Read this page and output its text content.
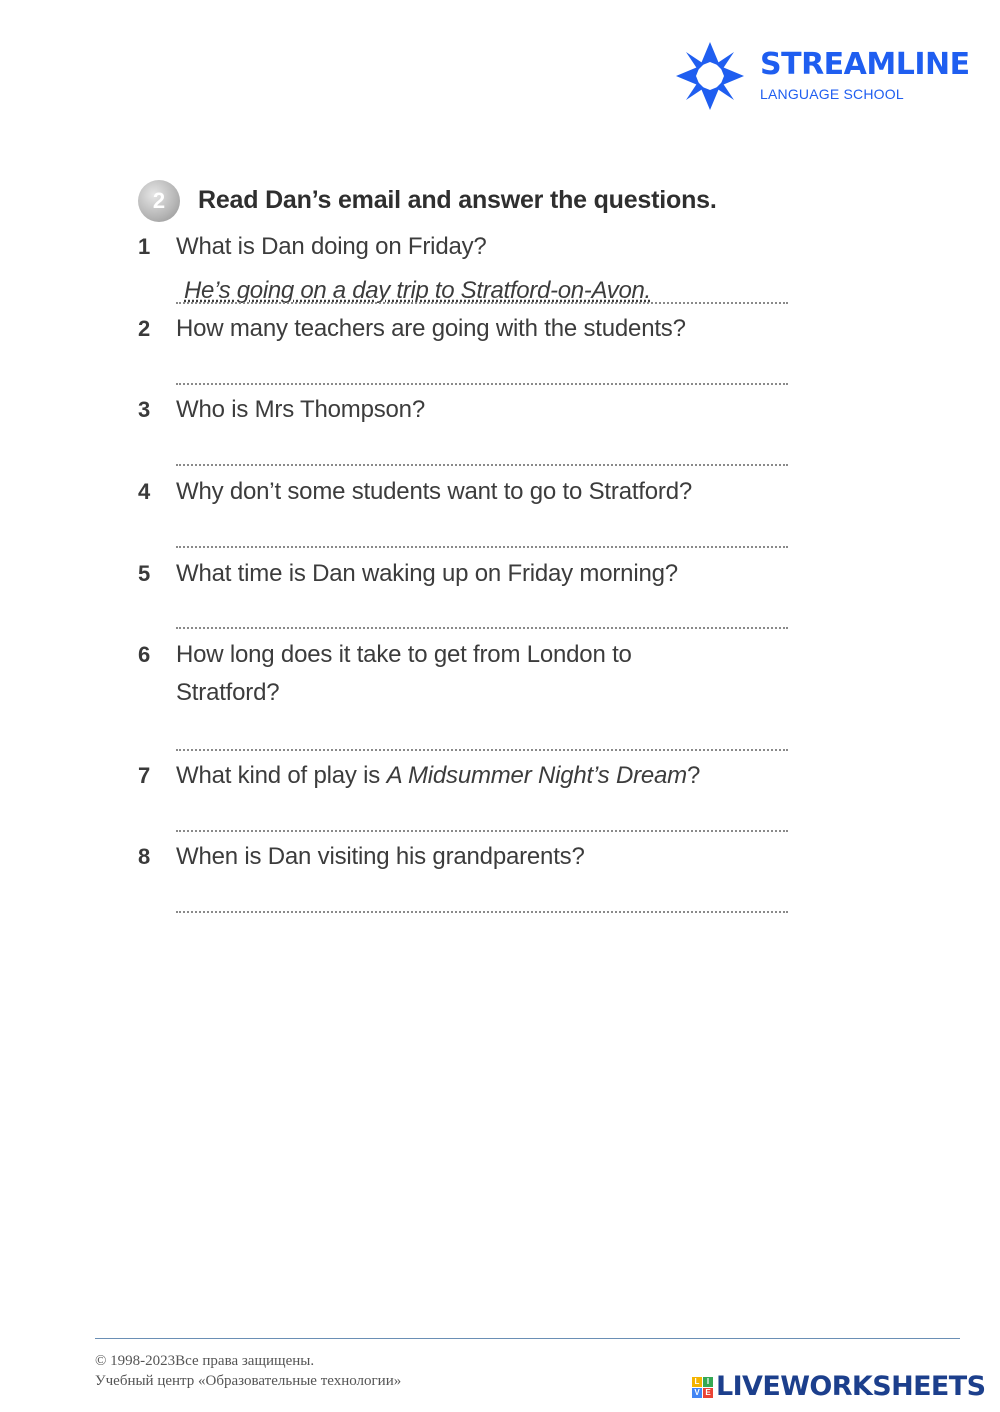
STREAMLINE
LANGUAGE SCHOOL
2	Read Dan’s email and answer the questions.
1 What is Dan doing on Friday?
He’s going on a day trip to Stratford-on-Avon.
2 How many teachers are going with the students?
3 Who is Mrs Thompson?
4 Why don’t some students want to go to Stratford?
5 What time is Dan waking up on Friday morning?
6 How long does it take to get from London to Stratford?
7 What kind of play is A Midsummer Night’s Dream?
8 When is Dan visiting his grandparents?
© 1998-2023Все права защищены.
Учебный центр «Образовательные технологии»	L I
V E LIVEWORKSHEETS
